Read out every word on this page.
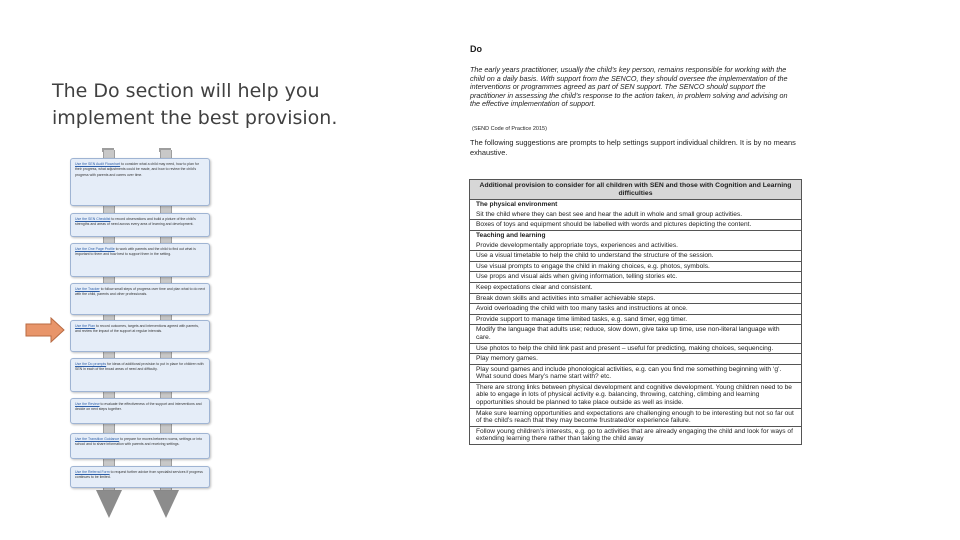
The Do section will help you implement the best provision.
Use the SEN Audit Flowchart to consider what a child may need, how to plan for their progress, what adjustments could be made, and how to review the child's progress with parents and carers over time.
Use the SEN Checklist to record observations and build a picture of the child's strengths and areas of need across every area of learning and development.
Use the One Page Profile to work with parents and the child to find out what is important to them and how best to support them in the setting.
Use the Tracker to follow small steps of progress over time and plan what to do next with the child, parents and other professionals.
Use the Plan to record outcomes, targets and interventions agreed with parents, and review the impact of the support at regular intervals.
Use the Do prompts for ideas of additional provision to put in place for children with SEN in each of the broad areas of need and difficulty.
Use the Review to evaluate the effectiveness of the support and interventions and decide on next steps together.
Use the Transition Guidance to prepare for moves between rooms, settings or into school and to share information with parents and receiving settings.
Use the Referral Form to request further advice from specialist services if progress continues to be limited.
Do
The early years practitioner, usually the child’s key person, remains responsible for working with the child on a daily basis. With support from the SENCO, they should oversee the implementation of the interventions or programmes agreed as part of SEN support. The SENCO should support the practitioner in assessing the child’s response to the action taken, in problem solving and advising on the effective implementation of support.
(SEND Code of Practice 2015)
The following suggestions are prompts to help settings support individual children. It is by no means exhaustive.
Additional provision to consider for all children with SEN and those with Cognition and Learning difficulties
The physical environment
Sit the child where they can best see and hear the adult in whole and small group activities.
Boxes of toys and equipment should be labelled with words and pictures depicting the content.
Teaching and learning
Provide developmentally appropriate toys, experiences and activities.
Use a visual timetable to help the child to understand the structure of the session.
Use visual prompts to engage the child in making choices, e.g. photos, symbols.
Use props and visual aids when giving information, telling stories etc.
Keep expectations clear and consistent.
Break down skills and activities into smaller achievable steps.
Avoid overloading the child with too many tasks and instructions at once.
Provide support to manage time limited tasks, e.g. sand timer, egg timer.
Modify the language that adults use; reduce, slow down, give take up time, use non-literal language with care.
Use photos to help the child link past and present – useful for predicting, making choices, sequencing.
Play memory games.
Play sound games and include phonological activities, e.g. can you find me something beginning with ‘g’. What sound does Mary’s name start with? etc.
There are strong links between physical development and cognitive development. Young children need to be able to engage in lots of physical activity e.g. balancing, throwing, catching, climbing and learning opportunities should be planned to take place outside as well as inside.
Make sure learning opportunities and expectations are challenging enough to be interesting but not so far out of the child’s reach that they may become frustrated/or experience failure.
Follow young children’s interests, e.g. go to activities that are already engaging the child and look for ways of extending learning there rather than taking the child away
